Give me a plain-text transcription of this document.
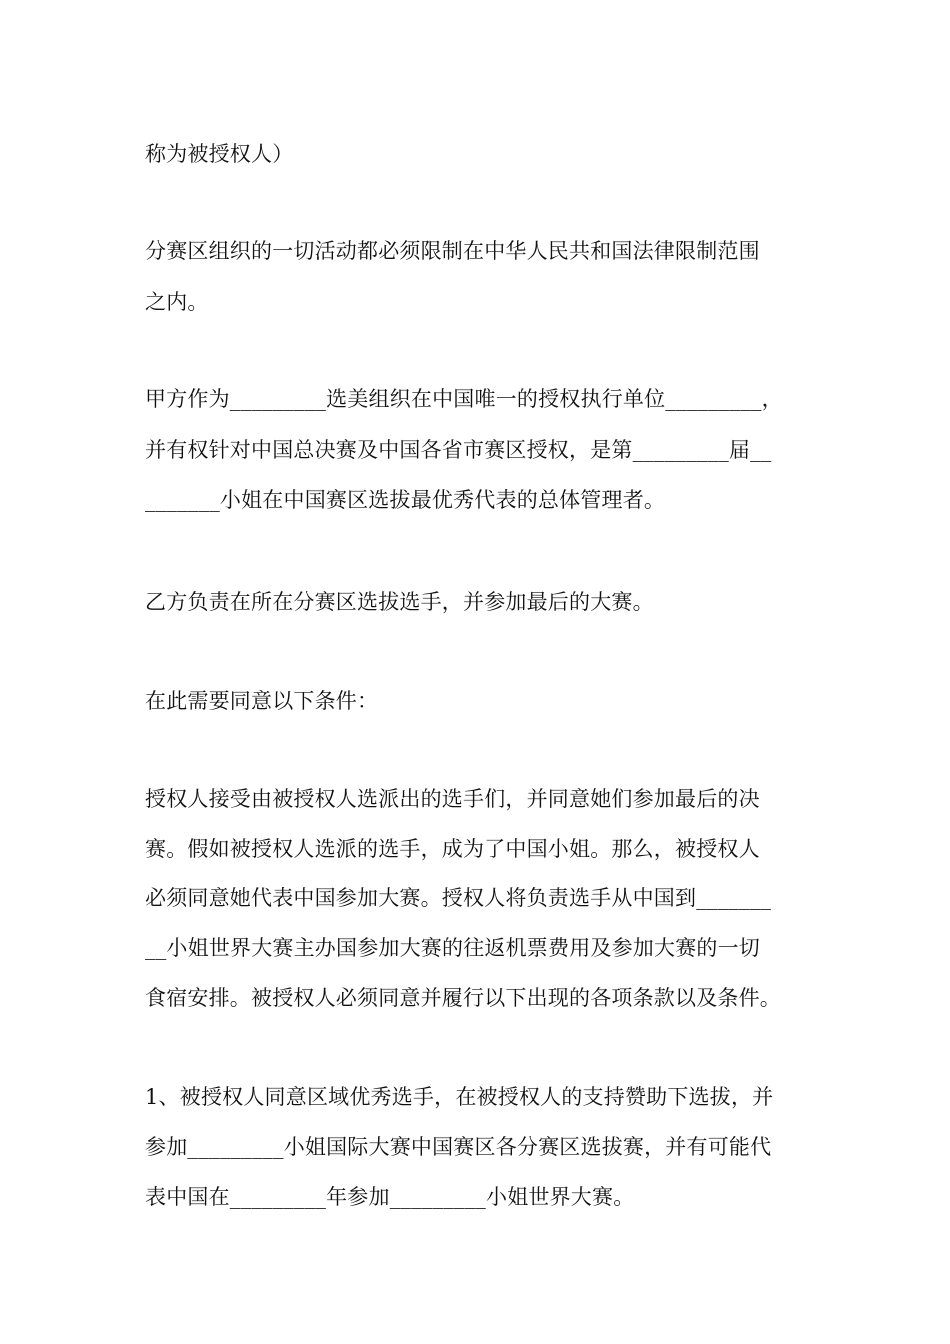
称为被授权人）
分赛区组织的一切活动都必须限制在中华人民共和国法律限制范围
之内。
甲方作为_________选美组织在中国唯一的授权执行单位_________，
并有权针对中国总决赛及中国各省市赛区授权，是第_________届__
_______小姐在中国赛区选拔最优秀代表的总体管理者。
乙方负责在所在分赛区选拔选手，并参加最后的大赛。
在此需要同意以下条件：
授权人接受由被授权人选派出的选手们，并同意她们参加最后的决
赛。假如被授权人选派的选手，成为了中国小姐。那么，被授权人
必须同意她代表中国参加大赛。授权人将负责选手从中国到_______
__小姐世界大赛主办国参加大赛的往返机票费用及参加大赛的一切
食宿安排。被授权人必须同意并履行以下出现的各项条款以及条件。
1、被授权人同意区域优秀选手，在被授权人的支持赞助下选拔，并
参加_________小姐国际大赛中国赛区各分赛区选拔赛，并有可能代
表中国在_________年参加_________小姐世界大赛。
